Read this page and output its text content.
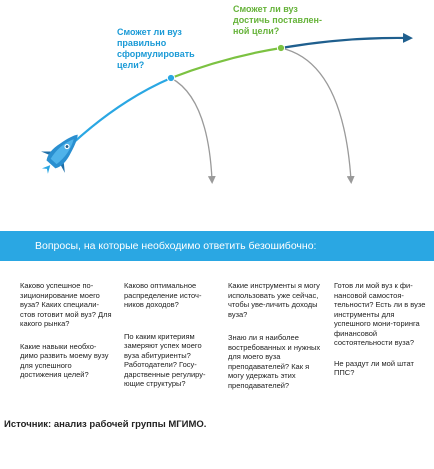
Сможет ли вуз правильно сформулировать цели?
Сможет ли вуз достичь поставлен-ной цели?
Вопросы, на которые необходимо ответить безошибочно:

Каково успешное по-зиционирование моего вуза? Каких специали-стов готовит мой вуз? Для какого рынка?

Какие навыки необхо-димо развить моему вузу для успешного достижения целей?

Каково оптимальное распределение источ-ников доходов?

По каким критериям замеряют успех моего вуза абитуриенты? Работодатели? Госу-дарственные регулиру-ющие структуры?

Какие инструменты я могу использовать уже сейчас, чтобы уве-личить доходы вуза?

Знаю ли я наиболее востребованных и нужных для моего вуза преподавателей? Как я могу удержать этих преподавателей?

Готов ли мой вуз к фи-нансовой самостоя-тельности? Есть ли в вузе инструменты для успешного мони-торинга финансовой состоятельности вуза?

Не раздут ли мой штат ППС?

Источник: анализ рабочей группы МГИМО.
